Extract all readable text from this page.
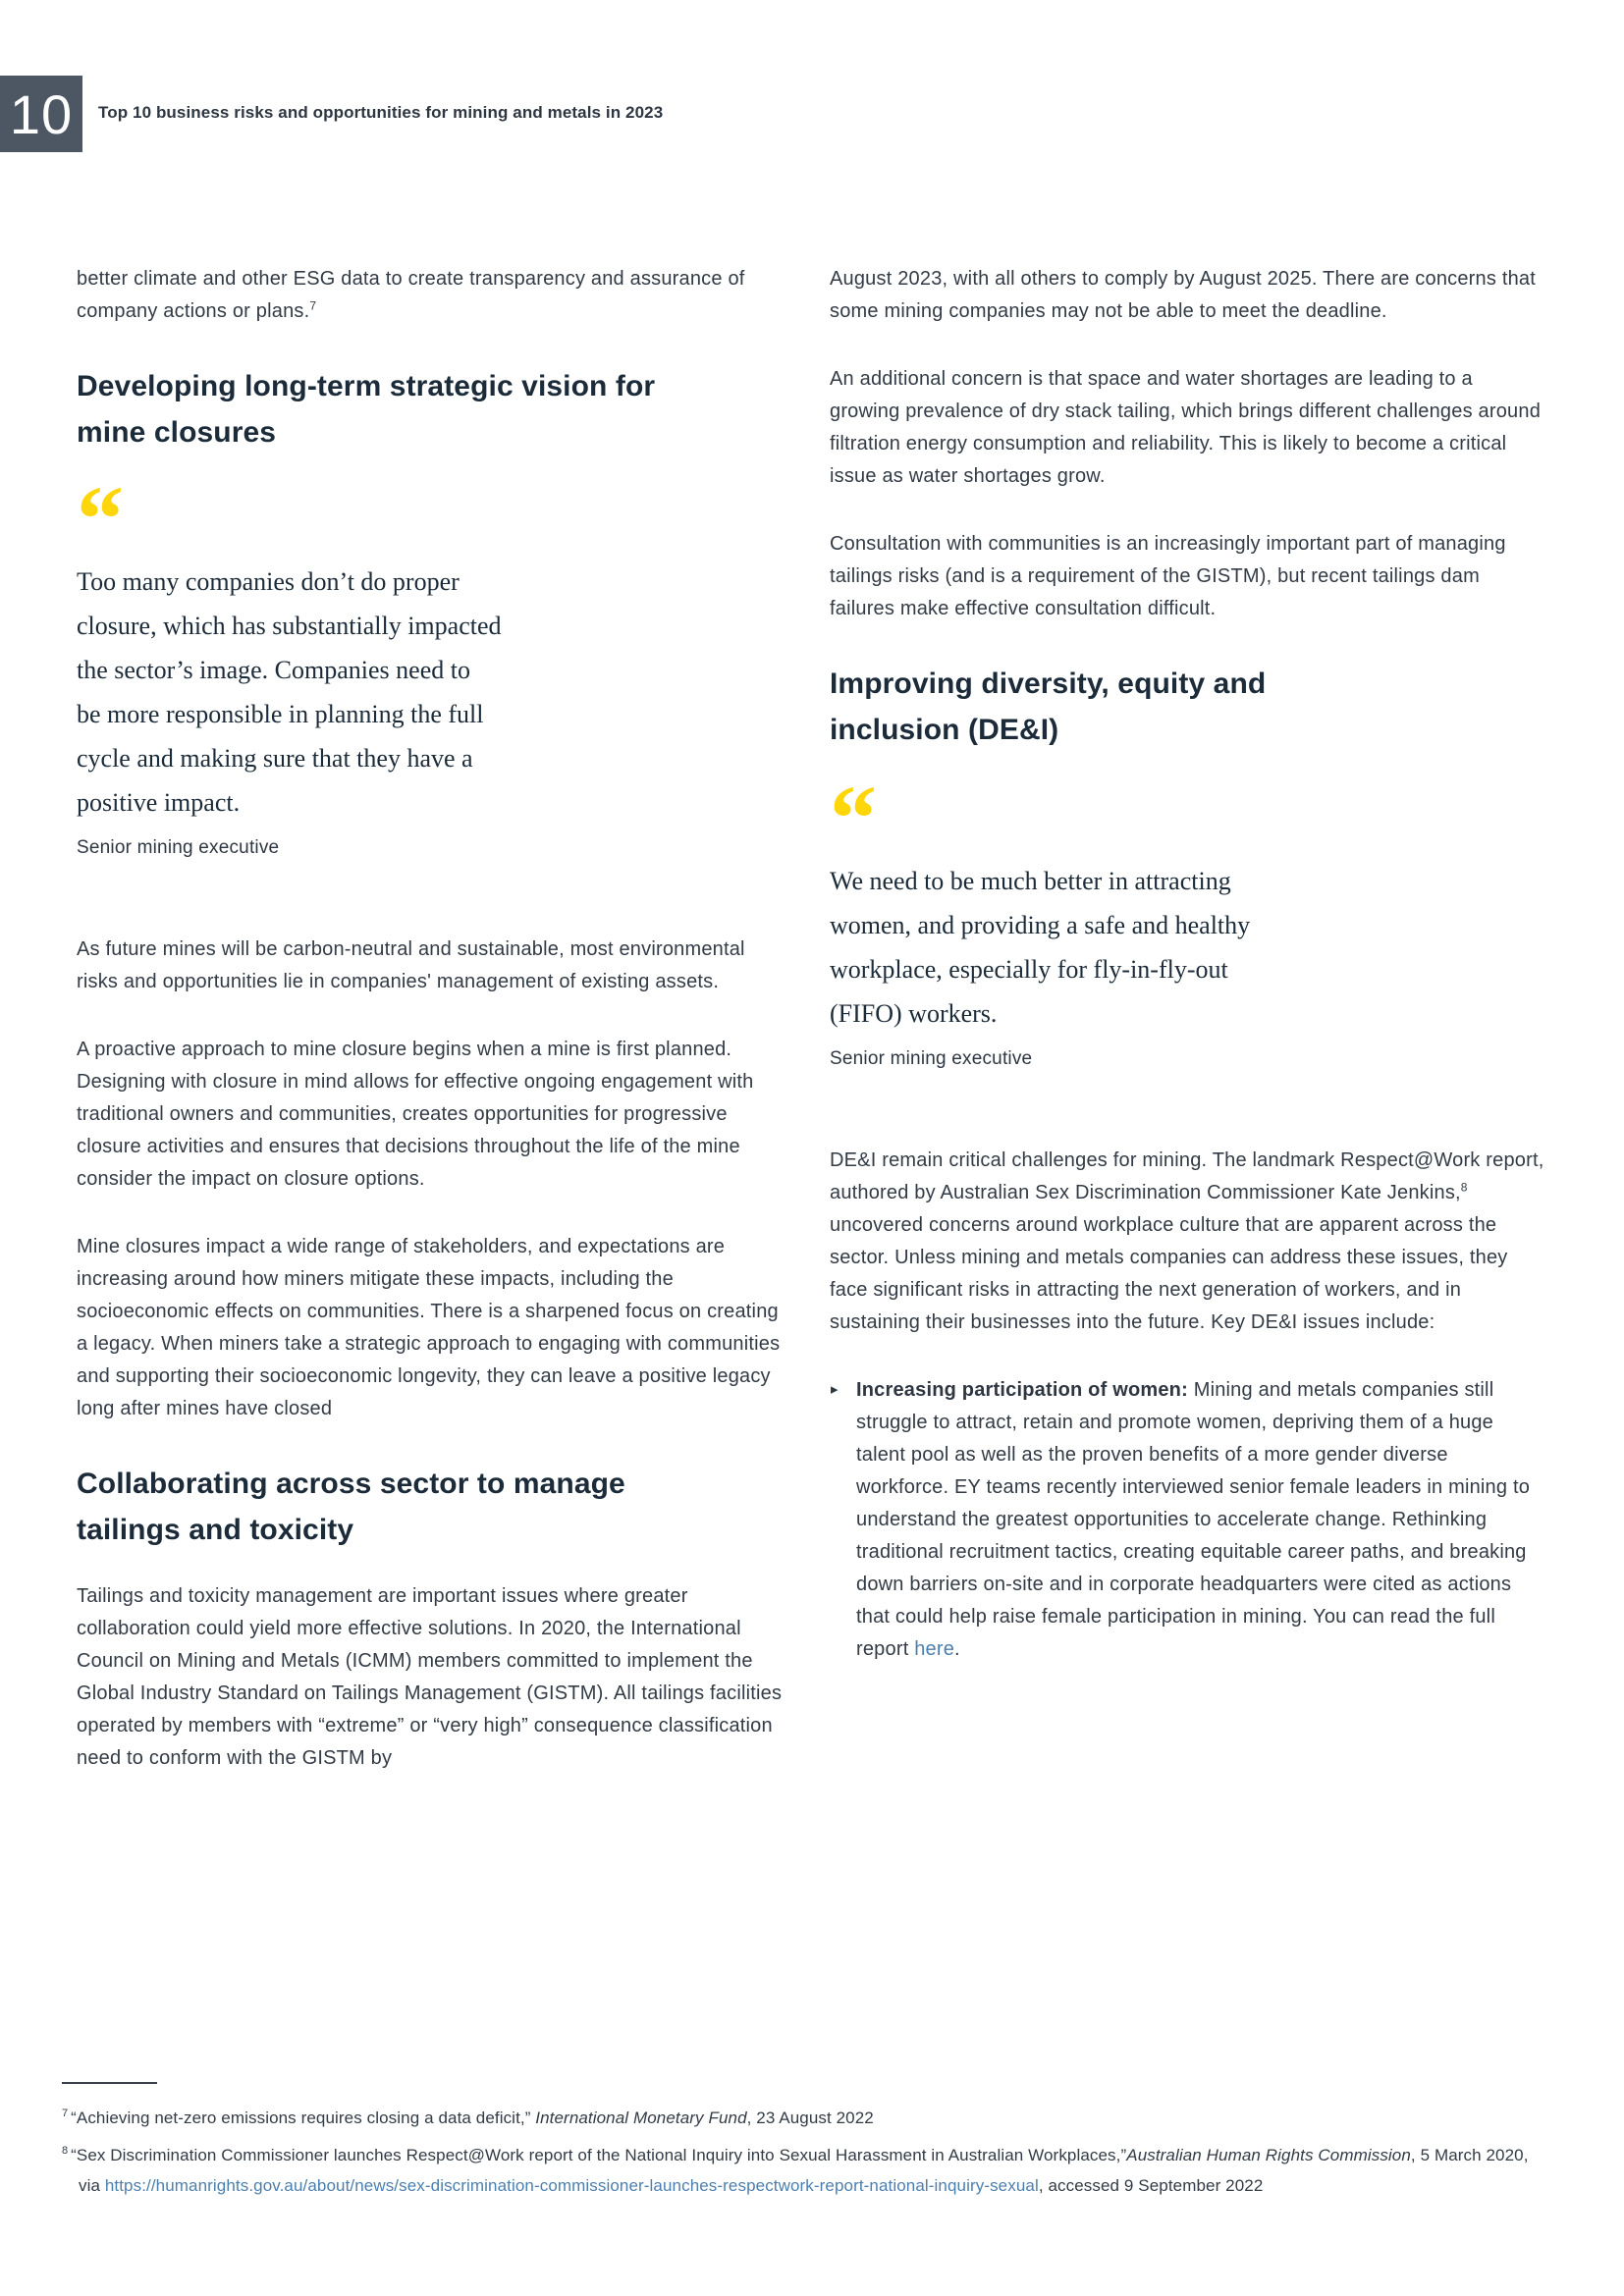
10 Top 10 business risks and opportunities for mining and metals in 2023

better climate and other ESG data to create transparency and assurance of company actions or plans.$^7$

Developing long-term strategic vision for mine closures
“
Too many companies don’t do proper
closure, which has substantially impacted
the sector’s image. Companies need to
be more responsible in planning the full
cycle and making sure that they have a
positive impact.

Senior mining executive

As future mines will be carbon-neutral and sustainable, most environmental risks and opportunities lie in companies' management of existing assets.

A proactive approach to mine closure begins when a mine is first planned. Designing with closure in mind allows for effective ongoing engagement with traditional owners and communities, creates opportunities for progressive closure activities and ensures that decisions throughout the life of the mine consider the impact on closure options.

Mine closures impact a wide range of stakeholders, and expectations are increasing around how miners mitigate these impacts, including the socioeconomic effects on communities. There is a sharpened focus on creating a legacy. When miners take a strategic approach to engaging with communities and supporting their socioeconomic longevity, they can leave a positive legacy long after mines have closed

Collaborating across sector to manage tailings and toxicity

Tailings and toxicity management are important issues where greater collaboration could yield more effective solutions. In 2020, the International Council on Mining and Metals (ICMM) members committed to implement the Global Industry Standard on Tailings Management (GISTM). All tailings facilities operated by members with “extreme” or “very high” consequence classification need to conform with the GISTM by

August 2023, with all others to comply by August 2025. There are concerns that some mining companies may not be able to meet the deadline.

An additional concern is that space and water shortages are leading to a growing prevalence of dry stack tailing, which brings different challenges around filtration energy consumption and reliability. This is likely to become a critical issue as water shortages grow.

Consultation with communities is an increasingly important part of managing tailings risks (and is a requirement of the GISTM), but recent tailings dam failures make effective consultation difficult.

Improving diversity, equity and inclusion (DE&I)
“
We need to be much better in attracting
women, and providing a safe and healthy
workplace, especially for fly-in-fly-out
(FIFO) workers.

Senior mining executive

DE&I remain critical challenges for mining. The landmark Respect@Work report, authored by Australian Sex Discrimination Commissioner Kate Jenkins,$^8$ uncovered concerns around workplace culture that are apparent across the sector. Unless mining and metals companies can address these issues, they face significant risks in attracting the next generation of workers, and in sustaining their businesses into the future. Key DE&I issues include:

▸ Increasing participation of women: Mining and metals companies still struggle to attract, retain and promote women, depriving them of a huge talent pool as well as the proven benefits of a more gender diverse workforce. EY teams recently interviewed senior female leaders in mining to understand the greatest opportunities to accelerate change. Rethinking traditional recruitment tactics, creating equitable career paths, and breaking down barriers on-site and in corporate headquarters were cited as actions that could help raise female participation in mining. You can read the full report here.

$^7$ “Achieving net-zero emissions requires closing a data deficit,” International Monetary Fund, 23 August 2022

$^8$ “Sex Discrimination Commissioner launches Respect@Work report of the National Inquiry into Sexual Harassment in Australian Workplaces,”Australian Human Rights Commission, 5 March 2020, via https://humanrights.gov.au/about/news/sex-discrimination-commissioner-launches-respectwork-report-national-inquiry-sexual, accessed 9 September 2022
